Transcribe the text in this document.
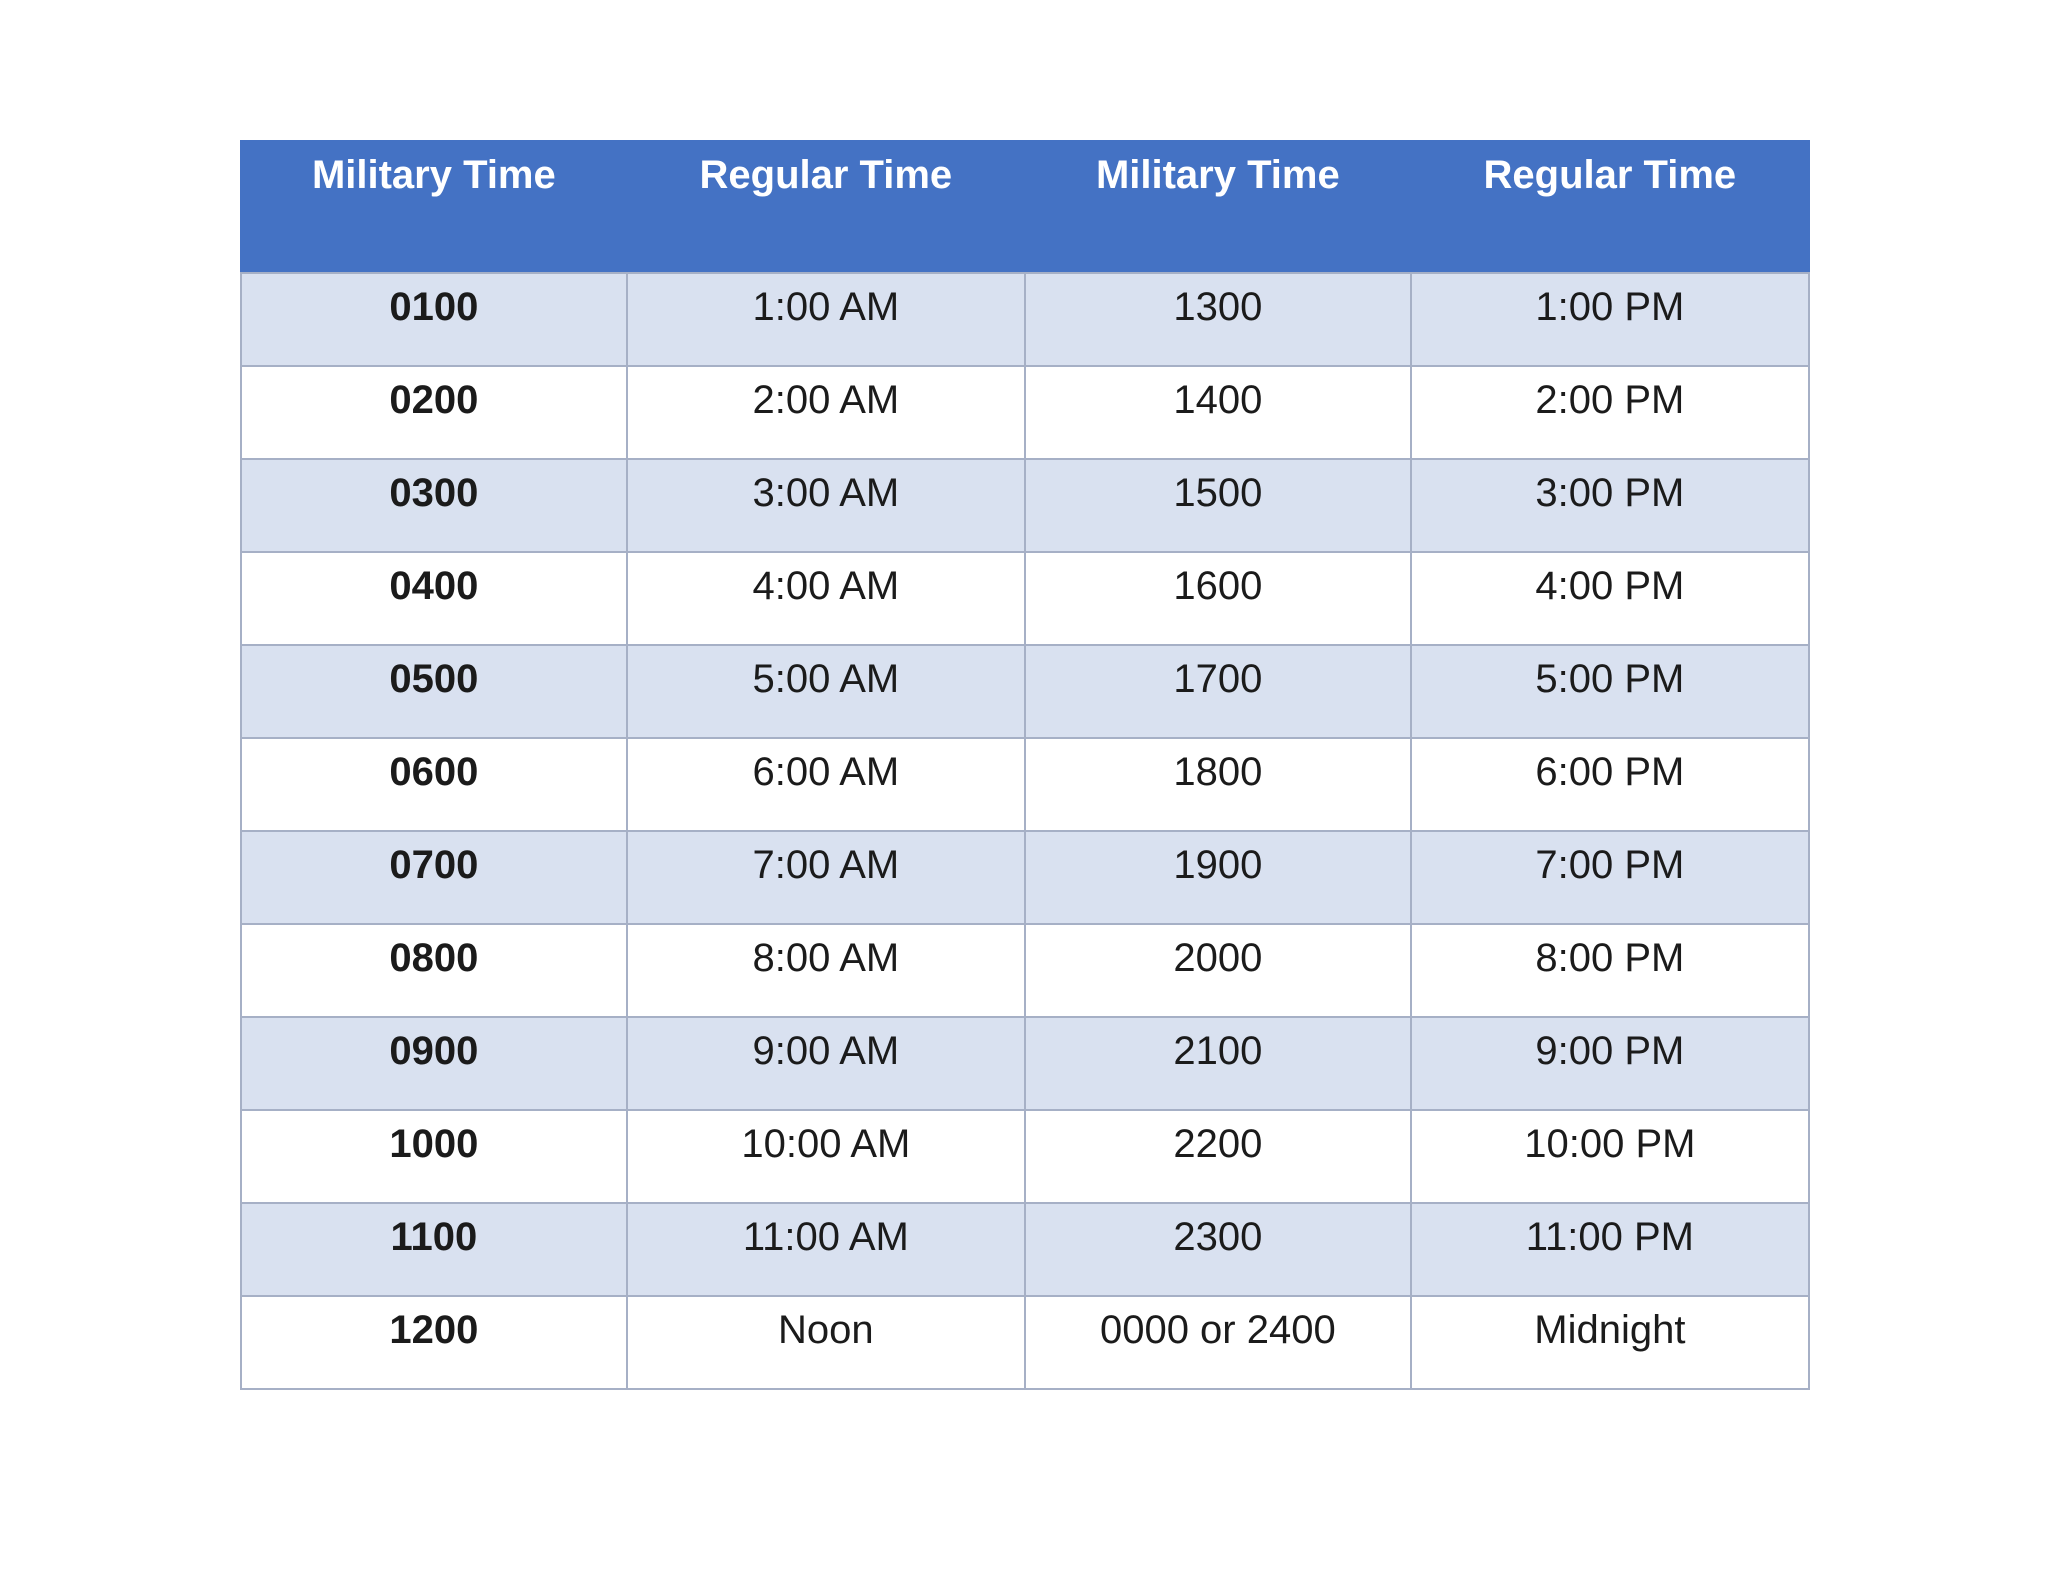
Military Time	Regular Time	Military Time	Regular Time
0100	1:00 AM	1300	1:00 PM
0200	2:00 AM	1400	2:00 PM
0300	3:00 AM	1500	3:00 PM
0400	4:00 AM	1600	4:00 PM
0500	5:00 AM	1700	5:00 PM
0600	6:00 AM	1800	6:00 PM
0700	7:00 AM	1900	7:00 PM
0800	8:00 AM	2000	8:00 PM
0900	9:00 AM	2100	9:00 PM
1000	10:00 AM	2200	10:00 PM
1100	11:00 AM	2300	11:00 PM
1200	Noon	0000 or 2400	Midnight
